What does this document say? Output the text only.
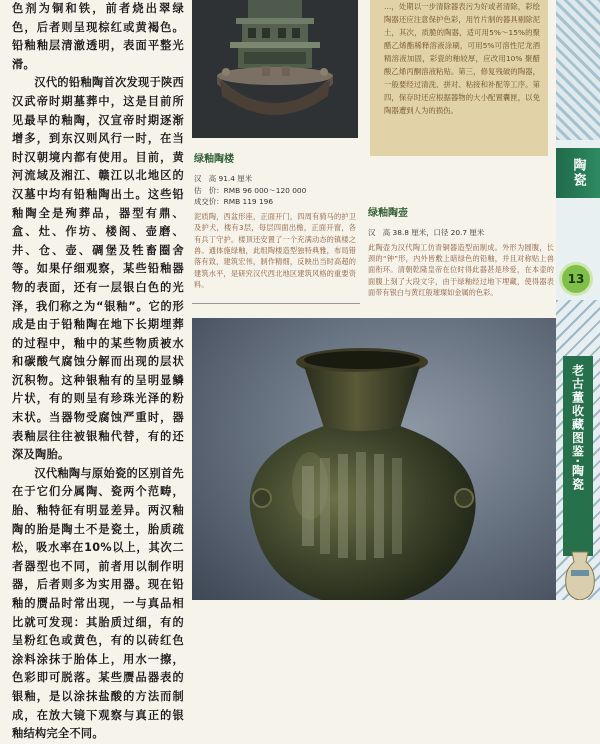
色剂为铜和铁，前者烧出翠绿色，后者则呈现棕红或黄褐色。铅釉釉层清澈透明，表面平整光滑。

汉代的铅釉陶首次发现于陕西汉武帝时期墓葬中，这是目前所见最早的釉陶，汉宣帝时期逐渐增多，到东汉则风行一时，在当时汉朝境内都有使用。目前，黄河流域及湘江、赣江以北地区的汉墓中均有铅釉陶出土。这些铅釉陶全是殉葬品，器型有鼎、盒、灶、作坊、楼阁、壶磨、井、仓、壶、碉堡及牲畜圈舍等。如果仔细观察，某些铅釉器物的表面，还有一层银白色的光泽，我们称之为“银釉”。它的形成是由于铅釉陶在地下长期埋葬的过程中，釉中的某些物质被水和碳酸气腐蚀分解而出现的层状沉积物。这种银釉有的呈明显鳞片状，有的则呈有珍珠光泽的粉末状。当器物受腐蚀严重时，器表釉层往往被银釉代替，有的还深及陶胎。

汉代釉陶与原始瓷的区别首先在于它们分属陶、瓷两个范畴，胎、釉特征有明显差异。两汉釉陶的胎是陶土不是瓷土，胎质疏松，吸水率在10%以上，其次二者器型也不同，前者用以制作明器，后者则多为实用器。现在铅釉的赝品时常出现，一与真品相比就可发现：其胎质过细，有的呈粉红色或黄色，有的以砖红色涂料涂抹于胎体上，用水一擦，色彩即可脱落。某些赝品器表的银釉，是以涂抹盐酸的方法而制成，在放大镜下观察与真正的银釉结构完全不同。

绿釉陶楼
汉　高 91.4 厘米
估　价：RMB 96 000～120 000
成交价：RMB 119 196
泥质陶，西盆形座，正面开门，四周有骑马的护卫及护犬，楼有3层，每层四面出檐，正面开窗，各有兵丁守护。楼顶还安置了一个充满动态的镇楼之兽。通体施绿釉，此组陶楼造型独特典雅，布局错落有致，建筑宏伟，制作精细，反映出当时高超的建筑水平，是研究汉代西北地区建筑风格的重要资料。
…，处期以一步清除器表污为好或者清除，彩绘陶器还应注意保护色彩，用竹片制的器具剔除泥土，其次，质脆的陶器，适可用5%～15%的聚醋乙烯酯稀释溶液涂刷，可用5%可溶性尼龙酒精溶液加固，彩瓷的釉较厚，应改用10% 聚醋酸乙烯丙酮溶液粘贴。第三，修复残破的陶器，一般要经过清洗、拼对、粘接和补配等工序。第四，保存时还应根据器物的大小配置囊匣，以免陶器遭到人为的损伤。
绿釉陶壶
汉　高 38.8 厘米，口径 20.7 厘米
此陶壶为汉代陶工仿青铜器造型而制成。外形为圆腹，长颈的“钟”形，内外皆敷上暗绿色的铅釉，并且对称贴上兽面衔环。清朝乾隆皇帝在位时得此器甚是珍爱，在本壶的面腹上刻了大段文字，由于绿釉经过地下埋藏，使得器表面带有银白与黄红般璀璨如金属的色彩。
陶瓷
13
老古董收藏图鉴·陶瓷
